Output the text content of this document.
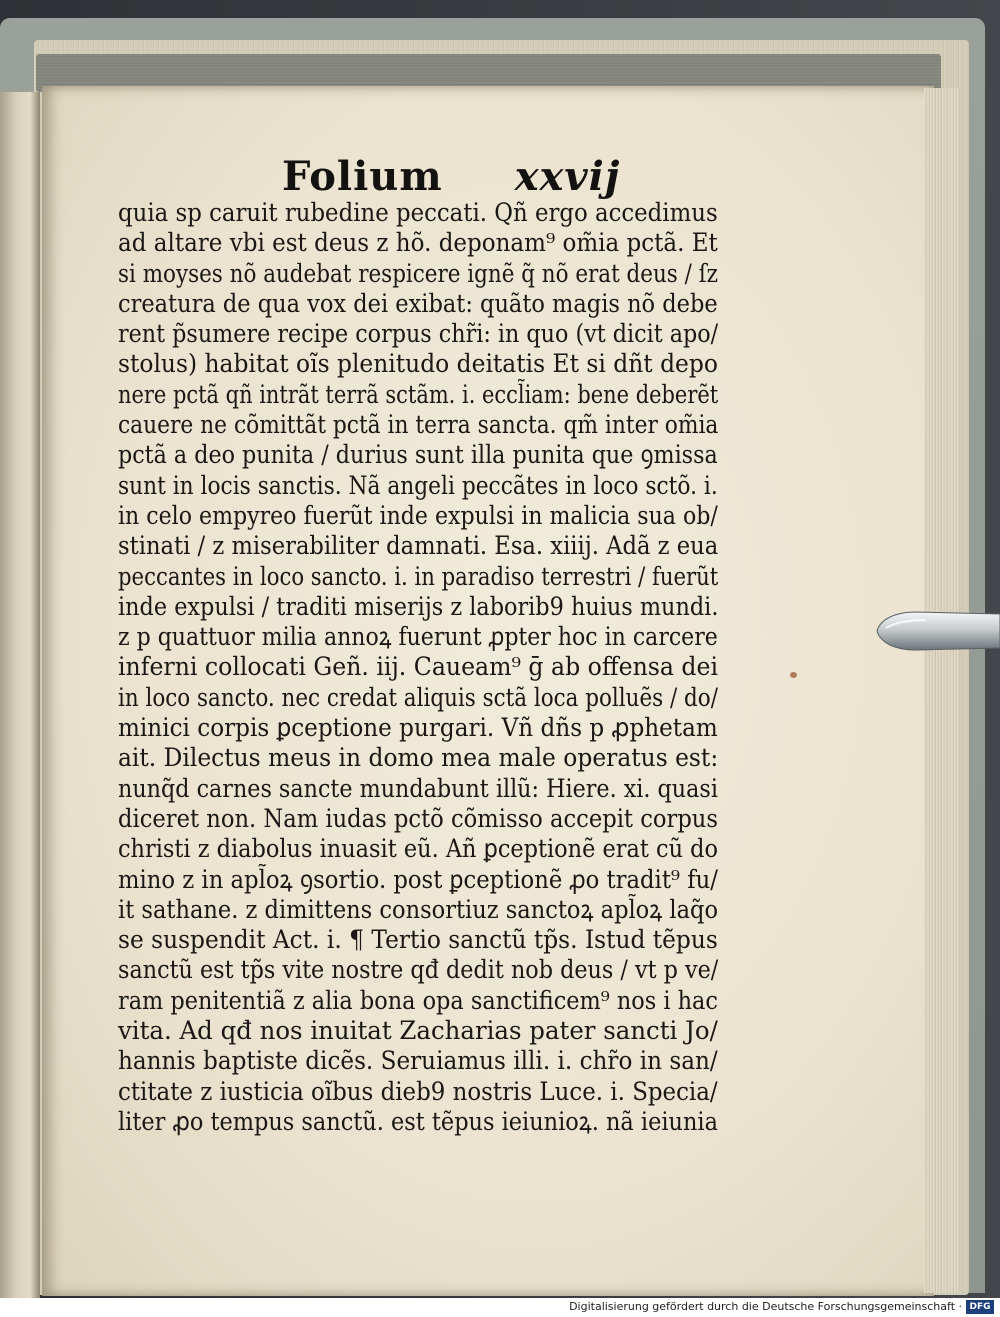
Folium xxvij
quia sp caruit rubedine peccati. Qñ ergo accedimus
ad altare vbi est deus z hõ. deponam⁹ om̃ia pctã. Et
si moyses nõ audebat respicere ignẽ q̃ nõ erat deus / ſz
creatura de qua vox dei exibat: quãto magis nõ debe
rent p̃sumere recipe corpus chr̃i: in quo (vt dicit apo/
stolus) habitat oĩs plenitudo deitatis Et si dñt depo
nere pctã qñ intrãt terrã sctãm. i. eccl̃iam: bene deberẽt
cauere ne cõmittãt pctã in terra sancta. qm̃ inter om̃ia
pctã a deo punita / durius sunt illa punita que ꝯmissa
sunt in locis sanctis. Nã angeli peccãtes in loco sctõ. i.
in celo empyreo fuerũt inde expulsi in malicia sua ob/
stinati / z miserabiliter damnati. Esa. xiiij. Adã z eua
peccantes in loco sancto. i. in paradiso terrestri / fuerũt
inde expulsi / traditi miserijs z laborib9 huius mundi.
z p quattuor milia annoꝝ fuerunt ꝓpter hoc in carcere
inferni collocati Geñ. iij. Caueam⁹ ḡ ab offensa dei
in loco sancto. nec credat aliquis sctã loca polluẽs / do/
minici corpis ꝑceptione purgari. Vñ dñs p ꝓphetam
ait. Dilectus meus in domo mea male operatus est:
nunq̃d carnes sancte mundabunt illũ: Hiere. xi. quasi
diceret non. Nam iudas pctõ cõmisso accepit corpus
christi z diabolus inuasit eũ. Añ ꝑceptionẽ erat cũ do
mino z in apl̃oꝝ ꝯsortio. post ꝑceptionẽ ꝓo tradit⁹ fu/
it sathane. z dimittens consortiuz sanctoꝝ apl̃oꝝ laq̃o
se suspendit Act. i. ¶ Tertio sanctũ tp̃s. Istud tẽpus
sanctũ est tp̃s vite nostre qđ dedit nob deus / vt p ve/
ram penitentiã z alia bona opa sanctificem⁹ nos i hac
vita. Ad qđ nos inuitat Zacharias pater sancti Jo/
hannis baptiste dicẽs. Seruiamus illi. i. chr̃o in san/
ctitate z iusticia oĩbus dieb9 nostris Luce. i. Specia/
liter ꝓo tempus sanctũ. est tẽpus ieiunioꝝ. nã ieiunia
Digitalisierung gefördert durch die Deutsche Forschungsgemeinschaft · DFG
